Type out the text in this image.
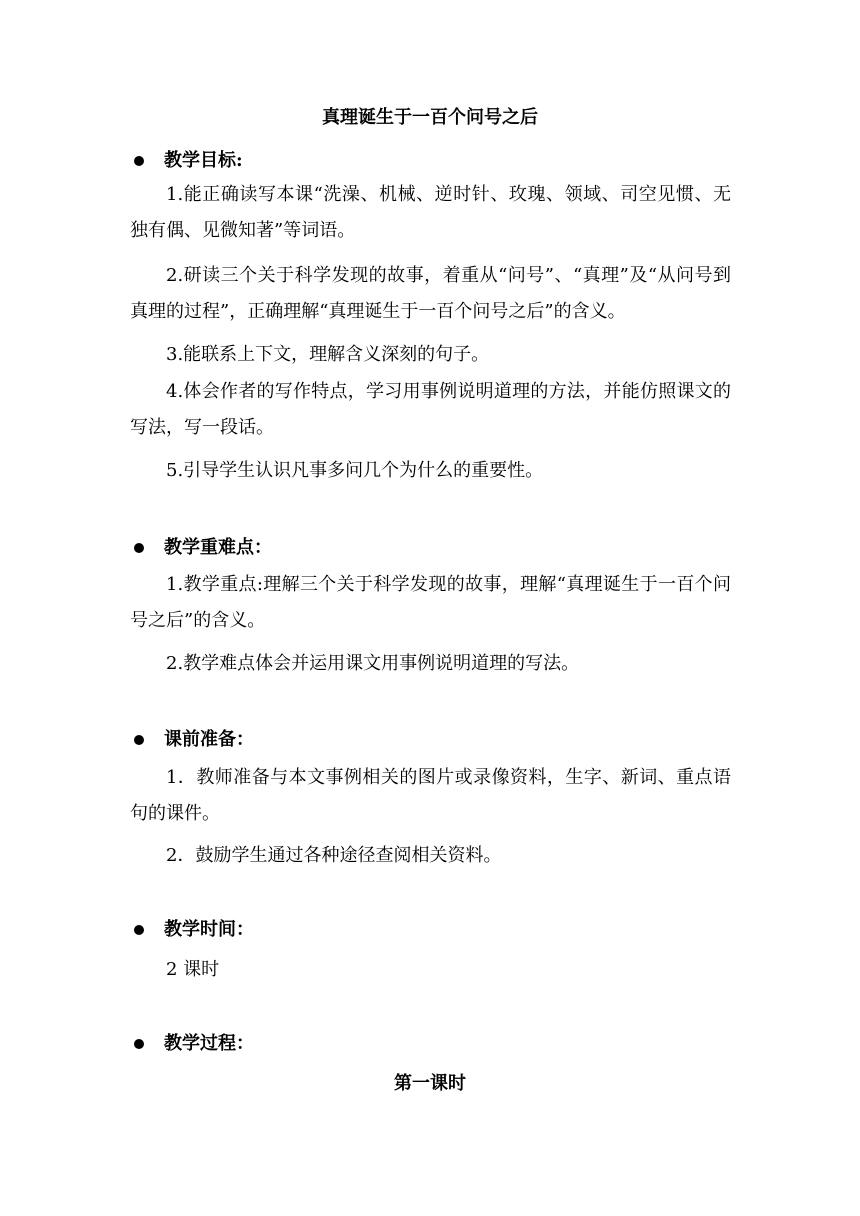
真理诞生于一百个问号之后
教学目标:
1.能正确读写本课“洗澡、机械、逆时针、玫瑰、领域、司空见惯、无独有偶、见微知著”等词语。
2.研读三个关于科学发现的故事，着重从“问号”、“真理”及“从问号到真理的过程”，正确理解“真理诞生于一百个问号之后”的含义。
3.能联系上下文，理解含义深刻的句子。
4.体会作者的写作特点，学习用事例说明道理的方法，并能仿照课文的写法，写一段话。
5.引导学生认识凡事多问几个为什么的重要性。
教学重难点：
1.教学重点:理解三个关于科学发现的故事，理解“真理诞生于一百个问号之后”的含义。
2.教学难点体会并运用课文用事例说明道理的写法。
课前准备：
1．教师准备与本文事例相关的图片或录像资料，生字、新词、重点语句的课件。
2．鼓励学生通过各种途径查阅相关资料。
教学时间：
2 课时
教学过程：
第一课时
